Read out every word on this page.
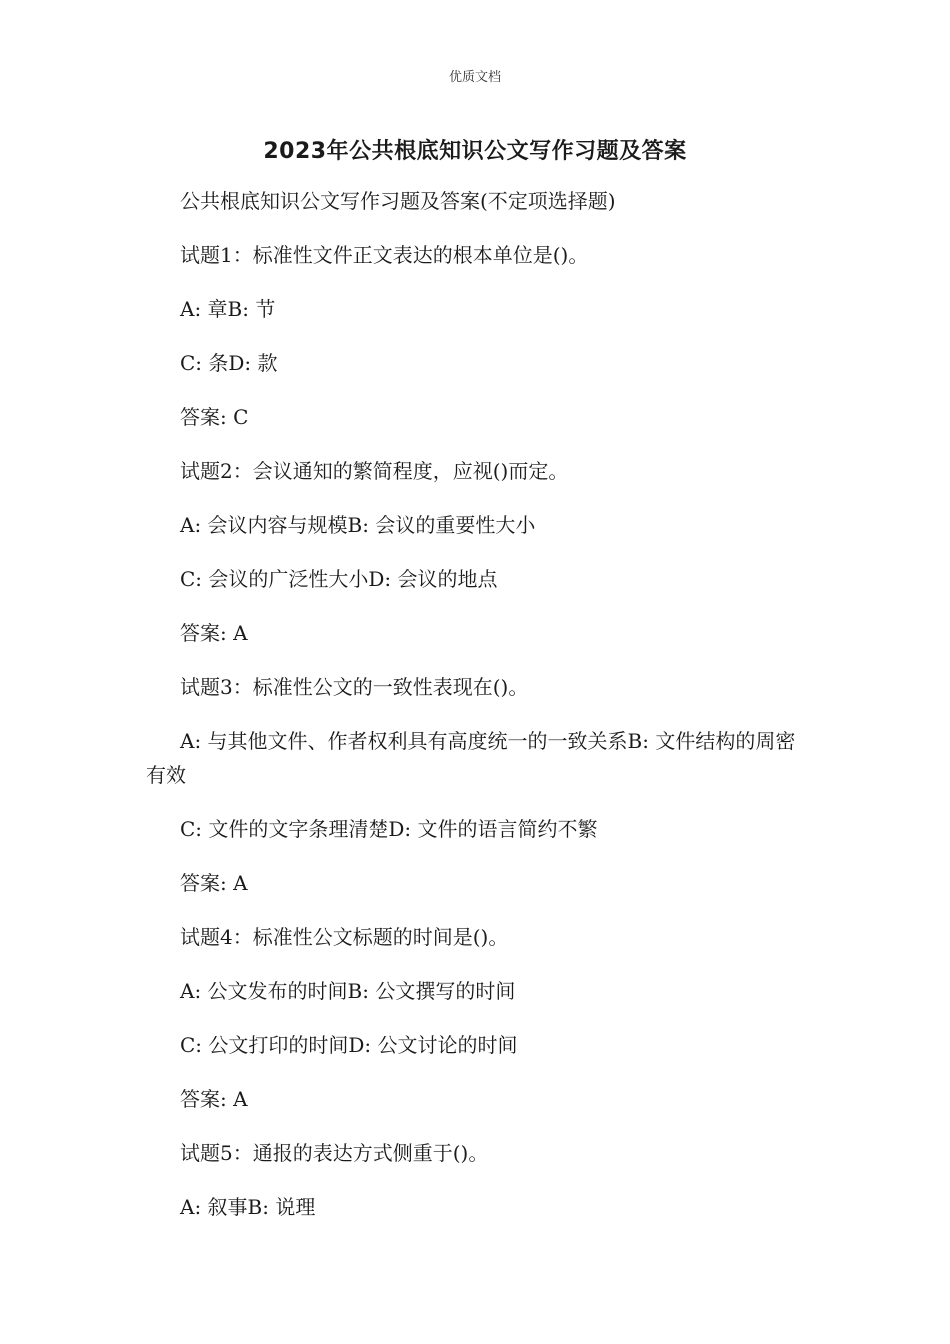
优质文档
2023年公共根底知识公文写作习题及答案

公共根底知识公文写作习题及答案(不定项选择题)

试题1：标准性文件正文表达的根本单位是()。

A: 章B: 节

C: 条D: 款

答案: C

试题2：会议通知的繁简程度，应视()而定。

A: 会议内容与规模B: 会议的重要性大小

C: 会议的广泛性大小D: 会议的地点

答案: A

试题3：标准性公文的一致性表现在()。

A: 与其他文件、作者权利具有高度统一的一致关系B: 文件结构的周密有效

C: 文件的文字条理清楚D: 文件的语言简约不繁

答案: A

试题4：标准性公文标题的时间是()。

A: 公文发布的时间B: 公文撰写的时间

C: 公文打印的时间D: 公文讨论的时间

答案: A

试题5：通报的表达方式侧重于()。

A: 叙事B: 说理
